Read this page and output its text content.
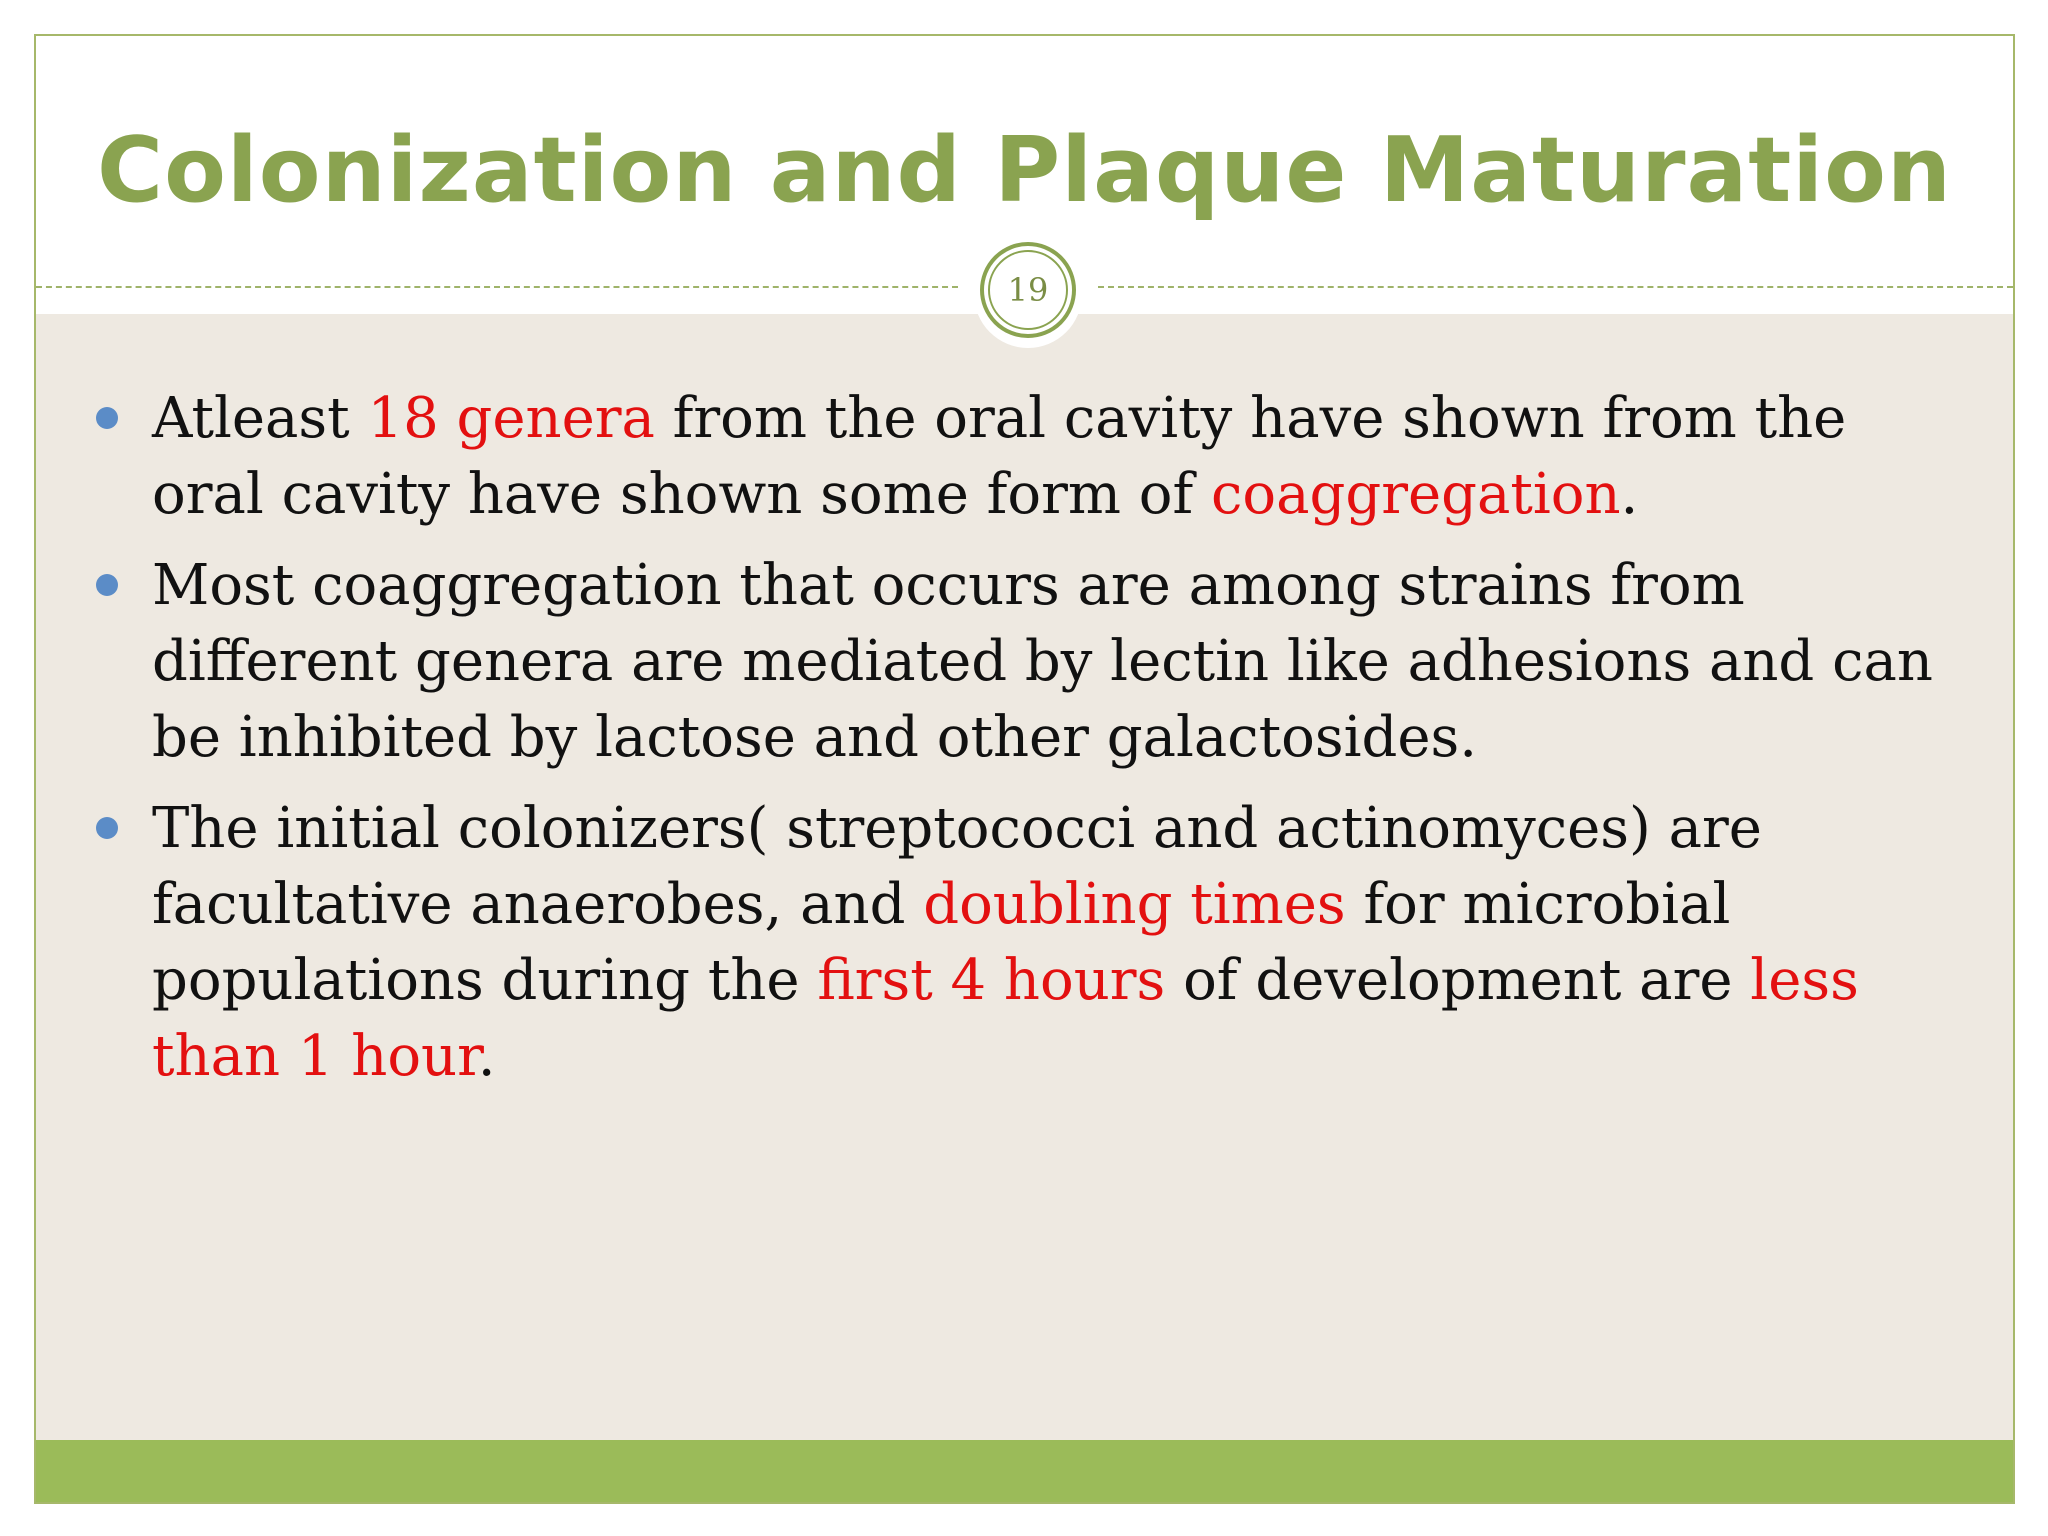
Colonization and Plaque Maturation
19
Atleast 18 genera from the oral cavity have shown from the oral cavity have shown some form of coaggregation.
Most coaggregation that occurs are among strains from different genera are mediated by lectin like adhesions and can be inhibited by lactose and other galactosides.
The initial colonizers( streptococci and actinomyces) are facultative anaerobes, and doubling times for microbial populations during the first 4 hours of development are less than 1 hour.
